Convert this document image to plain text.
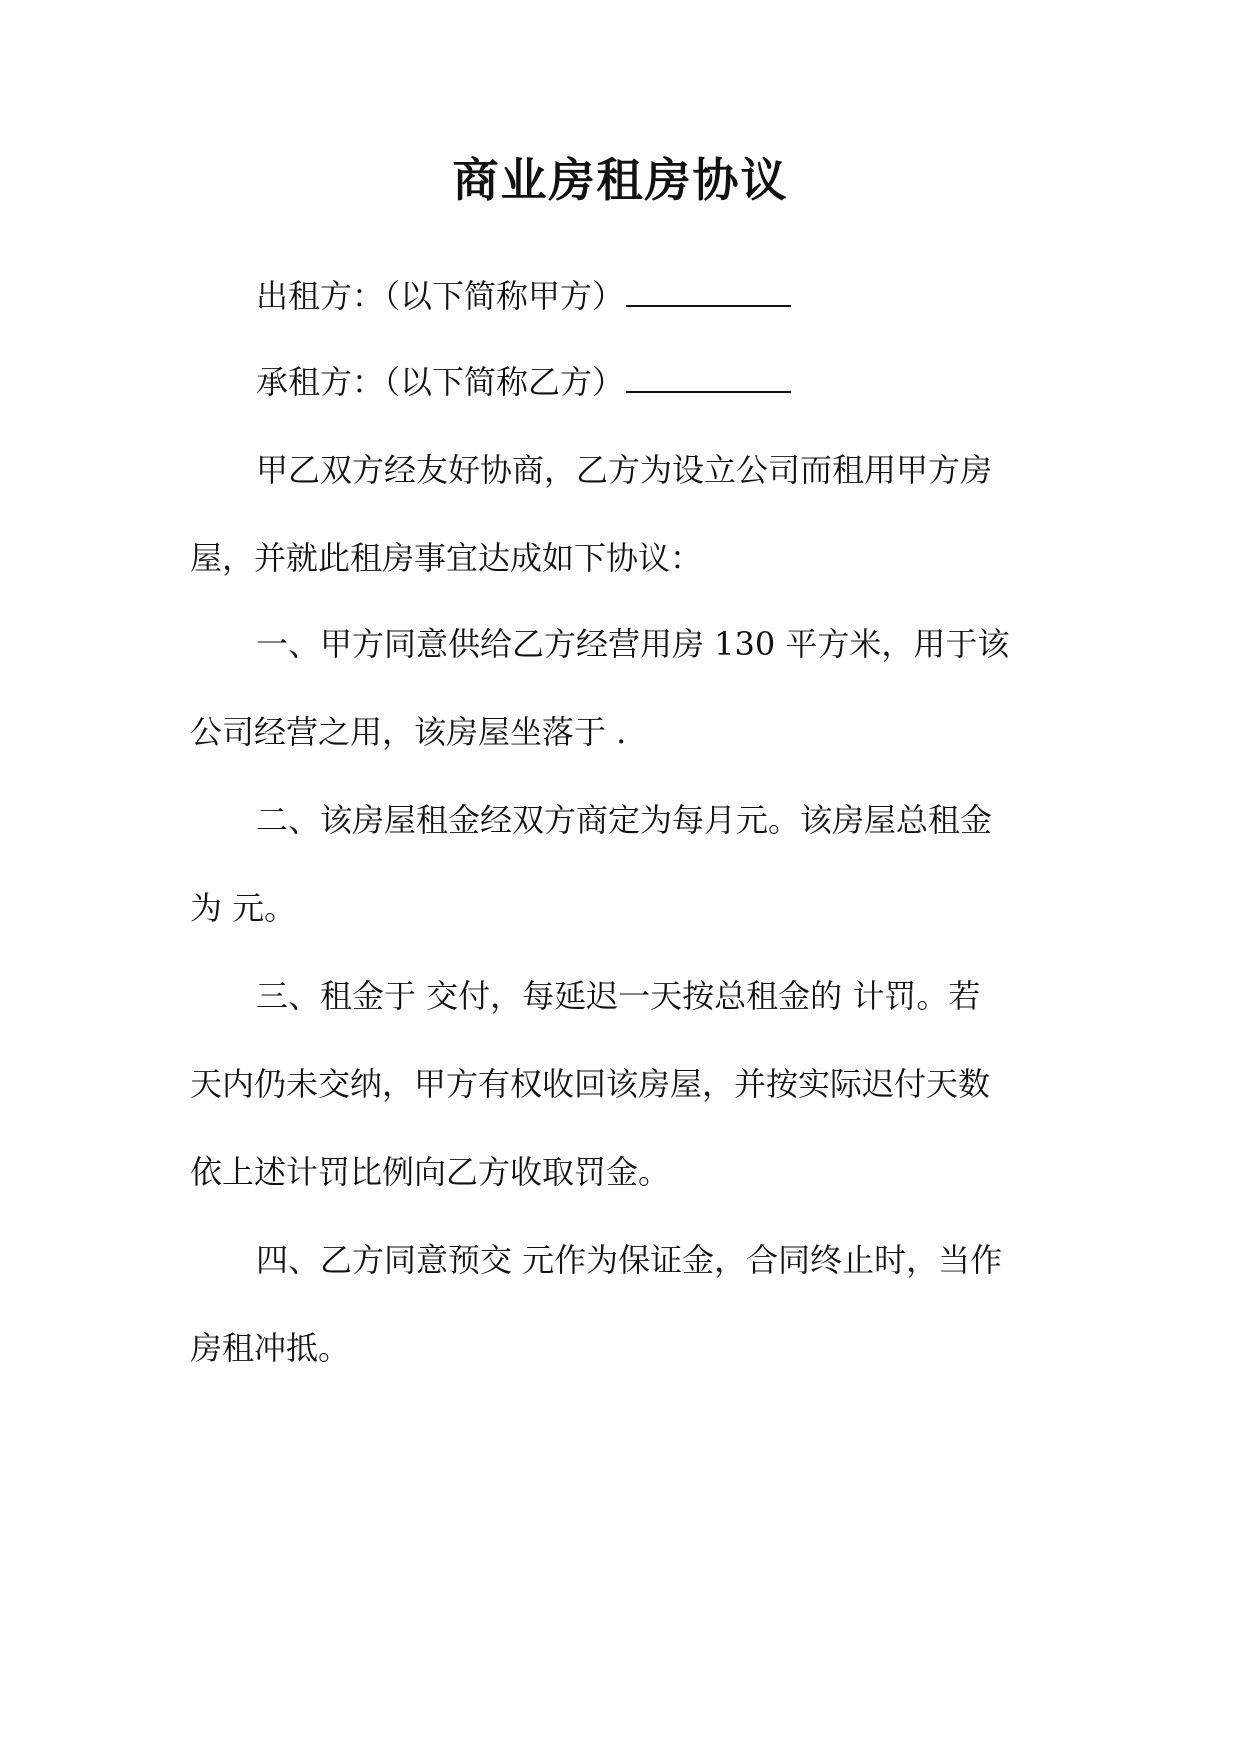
商业房租房协议
出租方：（以下简称甲方）
承租方：（以下简称乙方）
甲乙双方经友好协商，乙方为设立公司而租用甲方房
屋，并就此租房事宜达成如下协议：
一、甲方同意供给乙方经营用房 130 平方米，用于该
公司经营之用，该房屋坐落于 .
二、该房屋租金经双方商定为每月元。该房屋总租金
为 元。
三、租金于 交付，每延迟一天按总租金的 计罚。若
天内仍未交纳，甲方有权收回该房屋，并按实际迟付天数
依上述计罚比例向乙方收取罚金。
四、乙方同意预交 元作为保证金，合同终止时，当作
房租冲抵。
